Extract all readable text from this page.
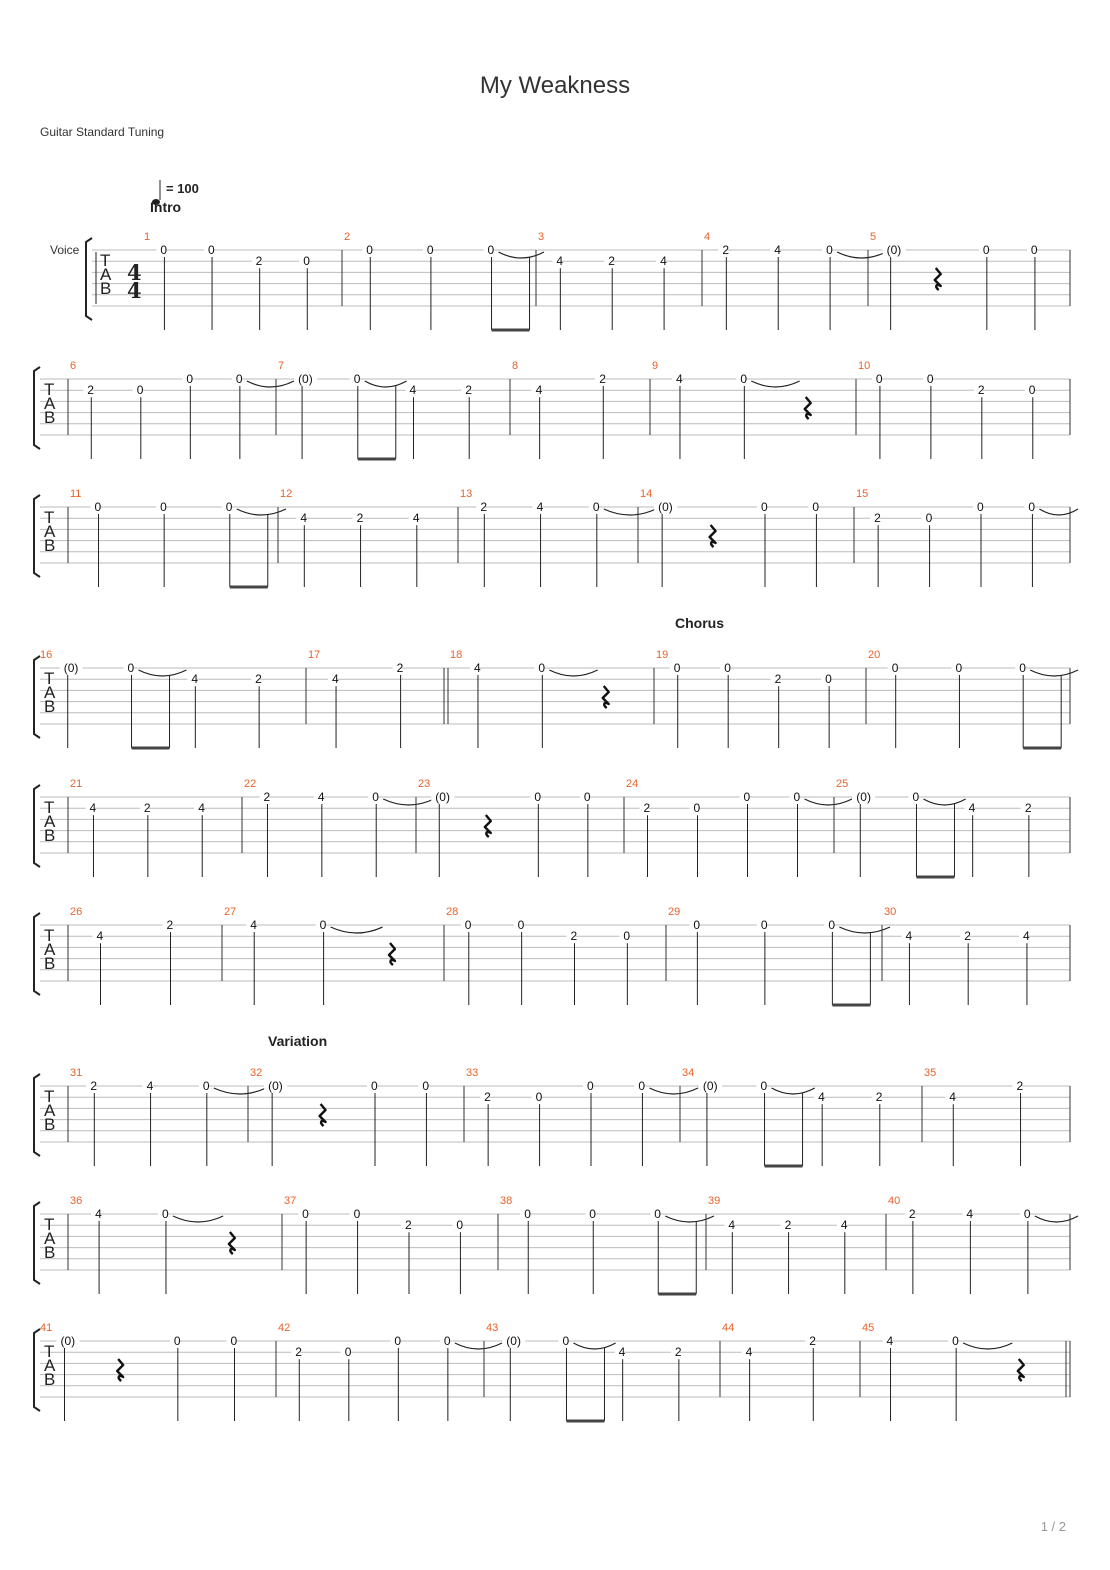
My Weakness
Guitar Standard Tuning
1 / 2
Voice
T
A
B
4
4
= 100
Intro
1
0	0
2	0
2
0	0	0
3
4	2	4
4
2	4	0
5
(0)	0	0
T
A
B
6
2	0
0	0
7
(0)	0
4	2
8
4
2
9
4	0
10
0	0
2	0
T
A
B
11
0	0	0
12
4	2	4
13
2	4	0
14
(0)	0	0
15
2	0
0	0
T
A
B
Chorus
16
(0)	0
4	2
17
4
2
18
4	0
19
0	0
2	0
20
0	0	0
T
A
B
21
4	2	4
22
2	4	0
23
(0)	0	0
24
2	0
0	0
25
(0)	0
4	2
T
A
B
26
4
2
27
4	0
28
0	0
2	0
29
0	0	0
30
4	2	4
T
A
B
Variation
31
2	4	0
32
(0)	0	0
33
2	0
0	0
34
(0)	0
4	2
35
4
2
T
A
B
36
4	0
37
0	0
2	0
38
0	0	0
39
4	2	4
40
2	4	0
T
A
B
41
(0)	0	0
42
2	0
0	0
43
(0)	0
4	2
44
4
2
45
4	0
